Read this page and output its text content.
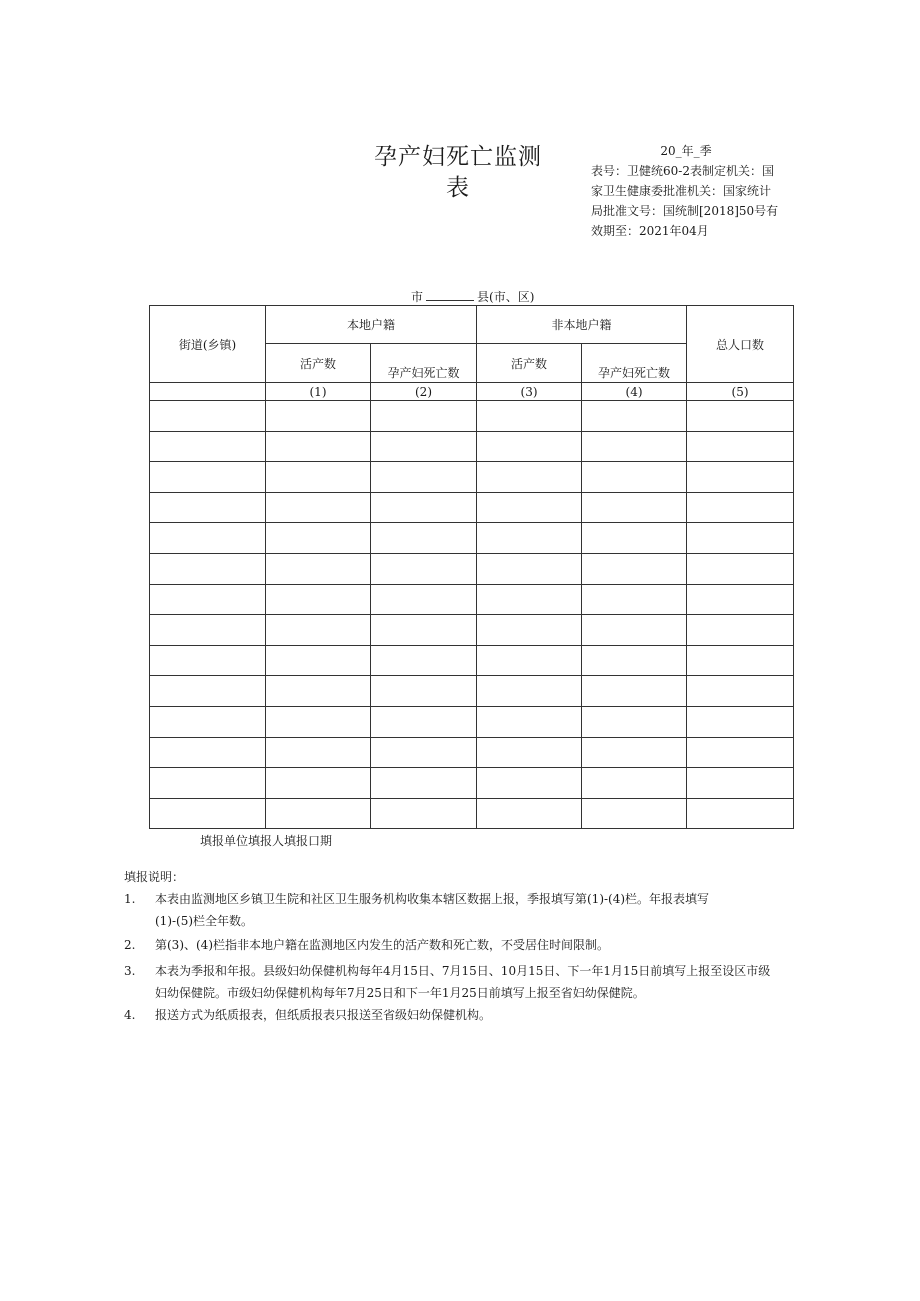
孕产妇死亡监测
表
20_年_季
表号：卫健统60-2表制定机关：国
家卫生健康委批准机关：国家统计
局批准文号：国统制[2018]50号有
效期至：2021年04月
市	县(市、区)
街道(乡镇)	本地户籍		非本地户籍		总人口数
	活产数	孕产妇死亡数	活产数	孕产妇死亡数	
	(1)	(2)	(3)	(4)	(5)

填报单位填报人填报口期
填报说明：
1.	本表由监测地区乡镇卫生院和社区卫生服务机构收集本辖区数据上报，季报填写第(1)-(4)栏。年报表填写
(1)-(5)栏全年数。
2.	第(3)、(4)栏指非本地户籍在监测地区内发生的活产数和死亡数，不受居住时间限制。
3.	本表为季报和年报。县级妇幼保健机构每年4月15日、7月15日、10月15日、下一年1月15日前填写上报至设区市级
妇幼保健院。市级妇幼保健机构每年7月25日和下一年1月25日前填写上报至省妇幼保健院。
4.	报送方式为纸质报表，但纸质报表只报送至省级妇幼保健机构。
